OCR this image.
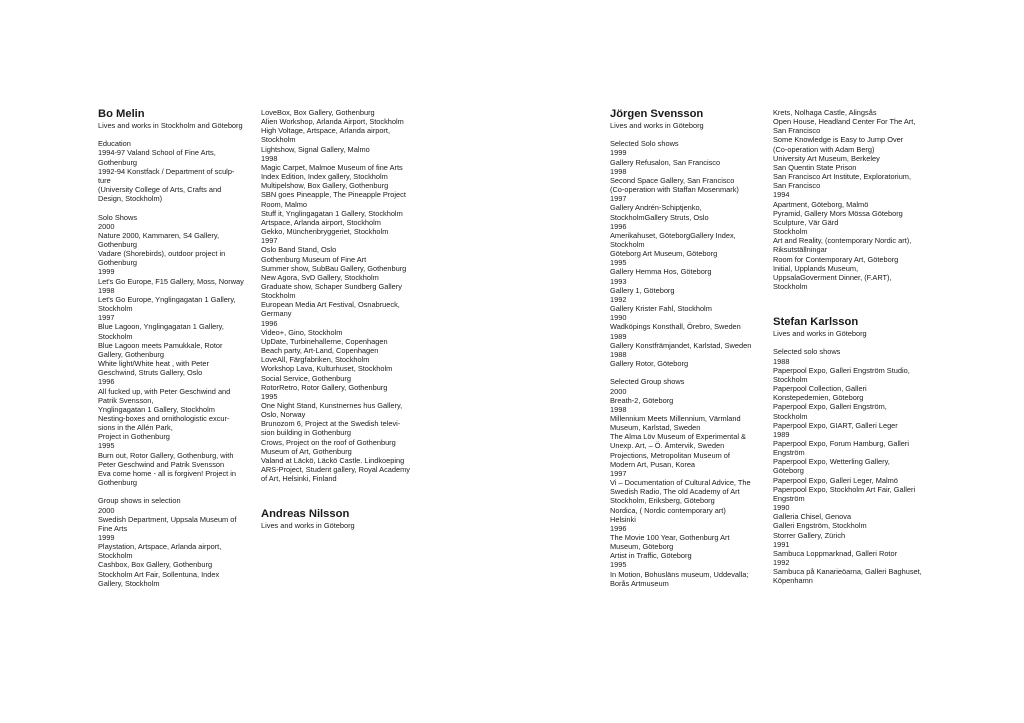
Bo Melin

Lives and works in Stockholm and Göteborg

Education
1994-97 Valand School of Fine Arts,
Gothenburg
1992-94 Konstfack / Department of sculp-
ture
(University College of Arts, Crafts and
Design, Stockholm)
Solo Shows
2000
Nature 2000, Kammaren, S4 Gallery,
Gothenburg
Vadare (Shorebirds), outdoor project in
Gothenburg
1999
Let's Go Europe, F15 Gallery, Moss, Norway
1998
Let's Go Europe, Ynglingagatan 1 Gallery,
Stockholm
1997
Blue Lagoon, Ynglingagatan 1 Gallery,
Stockholm
Blue Lagoon meets Pamukkale, Rotor
Gallery, Gothenburg
White light/White heat , with Peter
Geschwind, Struts Gallery, Oslo
1996
All fucked up, with Peter Geschwind and
Patrik Svensson,
Ynglingagatan 1 Gallery, Stockholm
Nesting-boxes and ornithologistic excur-
sions in the Allén Park,
Project in Gothenburg
1995
Burn out, Rotor Gallery, Gothenburg, with
Peter Geschwind and Patrik Svensson
Eva come home - all is forgiven! Project in
Gothenburg
Group shows in selection
2000
Swedish Department, Uppsala Museum of
Fine Arts
1999
Playstation, Artspace, Arlanda airport,
Stockholm
Cashbox, Box Gallery, Gothenburg
Stockholm Art Fair, Sollentuna, Index
Gallery, Stockholm
LoveBox, Box Gallery, Gothenburg
Alien Workshop, Arlanda Airport, Stockholm
High Voltage, Artspace, Arlanda airport,
Stockholm
Lightshow, Signal Gallery, Malmo
1998
Magic Carpet, Malmoe Museum of fine Arts
Index Edition, Index gallery, Stockholm
Multipelshow, Box Gallery, Gothenburg
SBN goes Pineapple, The Pineapple Project
Room, Malmo
Stuff it, Ynglingagatan 1 Gallery, Stockholm
Artspace, Arlanda airport, Stockholm
Gekko, Münchenbryggeriet, Stockholm
1997
Oslo Band Stand, Oslo
Gothenburg Museum of Fine Art
Summer show, SubBau Gallery, Gothenburg
New Agora, SvD Gallery, Stockholm
Graduate show, Schaper Sundberg Gallery
Stockholm
European Media Art Festival, Osnabrueck,
Germany
1996
Video+, Gino, Stockholm
UpDate, Turbinehallerne, Copenhagen
Beach party, Art-Land, Copenhagen
LoveAll, Färgfabriken, Stockholm
Workshop Lava, Kulturhuset, Stockholm
Social Service, Gothenburg
RotorRetro, Rotor Gallery, Gothenburg
1995
One Night Stand, Kunstnernes hus Gallery,
Oslo, Norway
Brunozom 6, Project at the Swedish televi-
sion building in Gothenburg
Crows, Project on the roof of Gothenburg
Museum of Art, Gothenburg
Valand at Läckö, Läckö Castle. Lindkoeping
ARS-Project, Student gallery, Royal Academy
of Art, Helsinki, Finland

Andreas Nilsson

Lives and works in Göteborg

Jörgen Svensson

Lives and works in Göteborg

Selected Solo shows
1999
Gallery Refusalon, San Francisco
1998
Second Space Gallery, San Francisco
(Co-operation with Staffan Mosenmark)
1997
Gallery Andrén-Schiptjenko,
StockholmGallery Struts, Oslo
1996
Amerikahuset, GöteborgGallery Index,
Stockholm
Göteborg Art Museum, Göteborg
1995
Gallery Hemma Hos, Göteborg
1993
Gallery 1, Göteborg
1992
Gallery Krister Fahl, Stockholm
1990
Wadköpings Konsthall, Örebro, Sweden
1989
Gallery Konstfrämjandet, Karlstad, Sweden
1988
Gallery Rotor, Göteborg
Selected Group shows
2000
Breath-2, Göteborg
1998
Millennium Meets Millennium, Värmland
Museum, Karlstad, Sweden
The Alma Löv Museum of Experimental &
Unexp. Art, – Ö. Ämtervik, Sweden
Projections, Metropolitan Museum of
Modern Art, Pusan, Korea
1997
Vi – Documentation of Cultural Advice, The
Swedish Radio, The old Academy of Art
Stockholm, Eriksberg, Göteborg
Nordica, ( Nordic contemporary art)
Helsinki
1996
The Movie 100 Year, Gothenburg Art
Museum, Göteborg
Artist in Traffic, Göteborg
1995
In Motion, Bohusläns museum, Uddevalla;
Borås Artmuseum
Krets, Nolhaga Castle, Alingsås
Open House, Headland Center For The Art,
San Francisco
Some Knowledge is Easy to Jump Over
(Co-operation with Adam Berg)
University Art Museum, Berkeley
San Quentin State Prison
San Francisco Art Institute, Exploratorium,
San Francisco
1994
Apartment, Göteborg, Malmö
Pyramid, Gallery Mors Mössa Göteborg
Sculpture, Vär Gärd
Stockholm
Art and Reality, (contemporary Nordic art),
Riksutställningar
Room for Contemporary Art, Göteborg
Initial, Upplands Museum,
UppsalaGoverment Dinner, (F.ART),
Stockholm

Stefan Karlsson

Lives and works in Göteborg

Selected solo shows
1988
Paperpool Expo, Galleri Engström Studio,
Stockholm
Paperpool Collection, Galleri
Konstepedemien, Göteborg
Paperpool Expo, Galleri Engström,
Stockholm
Paperpool Expo, GIART, Galleri Leger
1989
Paperpool Expo, Forum Hamburg, Galleri
Engström
Paperpool Expo, Wetterling Gallery,
Göteborg
Paperpool Expo, Galleri Leger, Malmö
Paperpool Expo, Stockholm Art Fair, Galleri
Engström
1990
Galleria Chisel, Genova
Galleri Engström, Stockholm
Storrer Gallery, Zürich
1991
Sambuca Loppmarknad, Galleri Rotor
1992
Sambuca på Kanarieöarna, Galleri Baghuset,
Köpenhamn
